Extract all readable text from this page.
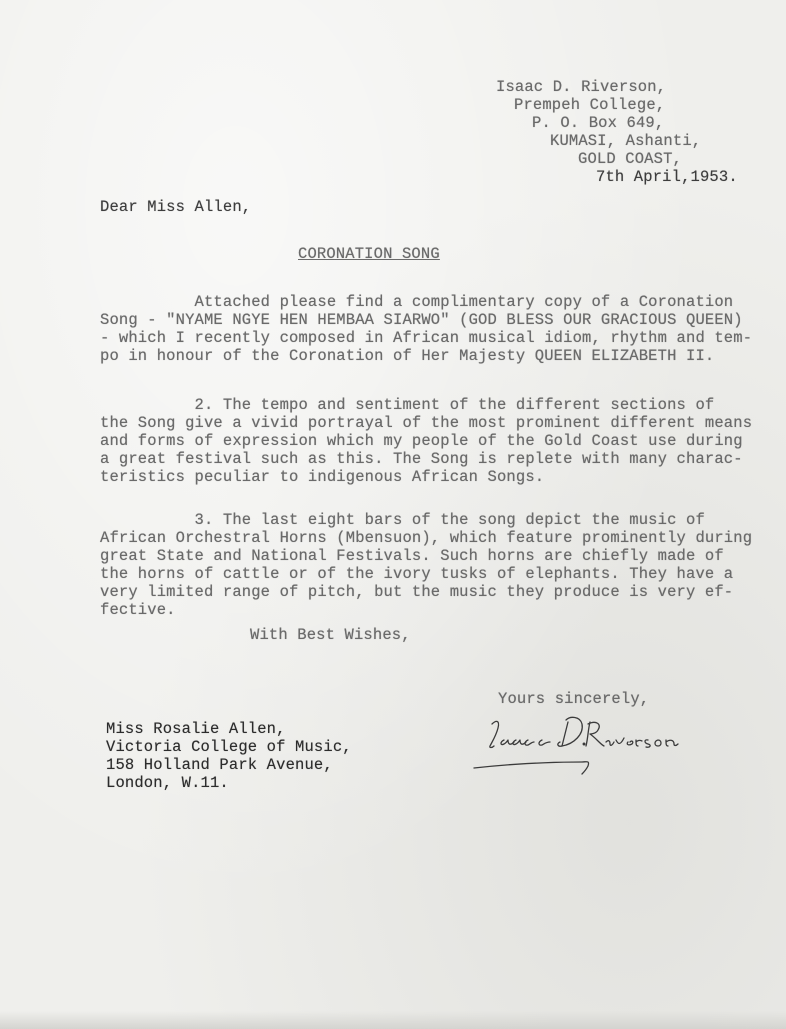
Isaac D. Riverson,

Prempeh College,

P. O. Box 649,

KUMASI, Ashanti,

GOLD COAST,

7th April,1953.

Dear Miss Allen,

CORONATION SONG

Attached please find a complimentary copy of a Coronation

Song - "NYAME NGYE HEN HEMBAA SIARWO" (GOD BLESS OUR GRACIOUS QUEEN)

- which I recently composed in African musical idiom, rhythm and tem-

po in honour of the Coronation of Her Majesty QUEEN ELIZABETH II.

2. The tempo and sentiment of the different sections of

the Song give a vivid portrayal of the most prominent different means

and forms of expression which my people of the Gold Coast use during

a great festival such as this. The Song is replete with many charac-

teristics peculiar to indigenous African Songs.

3. The last eight bars of the song depict the music of

African Orchestral Horns (Mbensuon), which feature prominently during

great State and National Festivals. Such horns are chiefly made of

the horns of cattle or of the ivory tusks of elephants. They have a

very limited range of pitch, but the music they produce is very ef-

fective.

With Best Wishes,

Yours sincerely,

Miss Rosalie Allen,

Victoria College of Music,

158 Holland Park Avenue,

London, W.11.
